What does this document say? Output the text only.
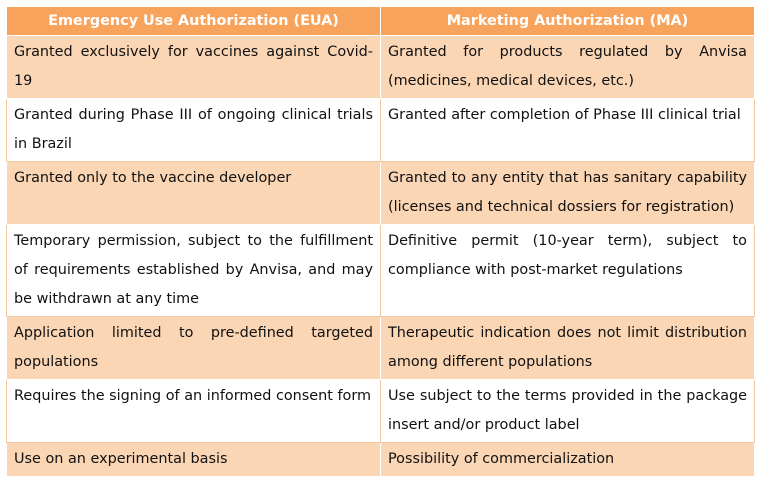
Emergency Use Authorization (EUA)	Marketing Authorization (MA)
Granted exclusively for vaccines against Covid-19	Granted for products regulated by Anvisa (medicines, medical devices, etc.)
Granted during Phase III of ongoing clinical trials in Brazil	Granted after completion of Phase III clinical trial
Granted only to the vaccine developer	Granted to any entity that has sanitary capability (licenses and technical dossiers for registration)
Temporary permission, subject to the fulfillment of requirements established by Anvisa, and may be withdrawn at any time	Definitive permit (10-year term), subject to compliance with post-market regulations
Application limited to pre-defined targeted populations	Therapeutic indication does not limit distribution among different populations
Requires the signing of an informed consent form	Use subject to the terms provided in the package insert and/or product label
Use on an experimental basis	Possibility of commercialization
